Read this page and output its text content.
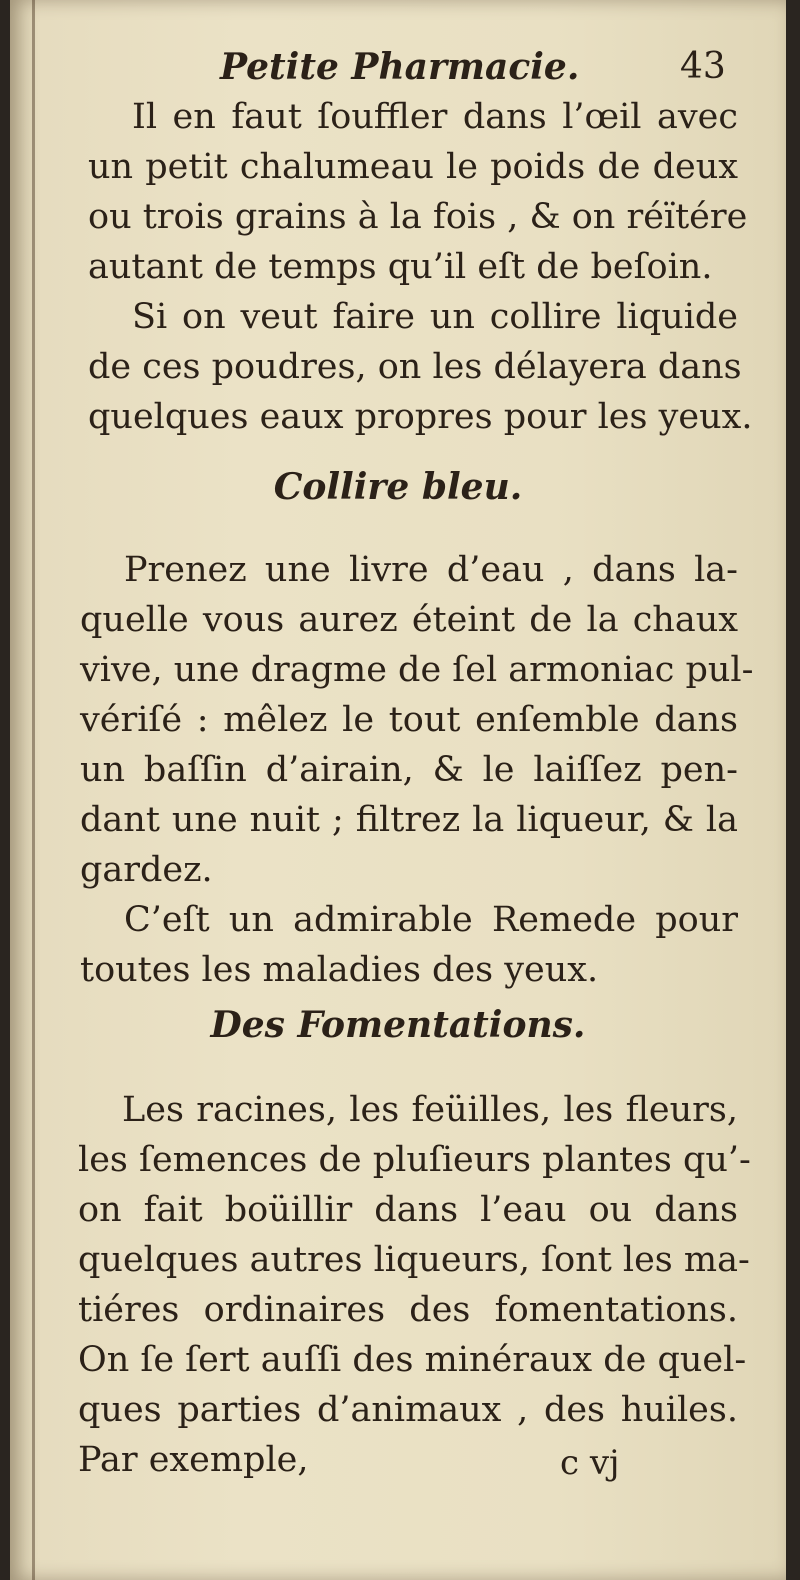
Petite Pharmacie.	43
Il en faut ſouffler dans l’œil avec
un petit chalumeau le poids de deux
ou trois grains à la fois , & on réïtére
autant de temps qu’il eſt de beſoin.
Si on veut faire un collire liquide
de ces poudres, on les délayera dans
quelques eaux propres pour les yeux.
Collire bleu.
Prenez une livre d’eau , dans la-
quelle vous aurez éteint de la chaux
vive, une dragme de ſel armoniac pul-
vériſé : mêlez le tout enſemble dans
un baſſin d’airain, & le laiſſez pen-
dant une nuit ; filtrez la liqueur, & la
gardez.
C’eſt un admirable Remede pour
toutes les maladies des yeux.
Des Fomentations.
Les racines, les feüilles, les fleurs,
les ſemences de pluſieurs plantes qu’-
on fait boüillir dans l’eau ou dans
quelques autres liqueurs, ſont les ma-
tiéres ordinaires des fomentations.
On ſe ſert auſſi des minéraux de quel-
ques parties d’animaux , des huiles.
Par exemple,	c vj
